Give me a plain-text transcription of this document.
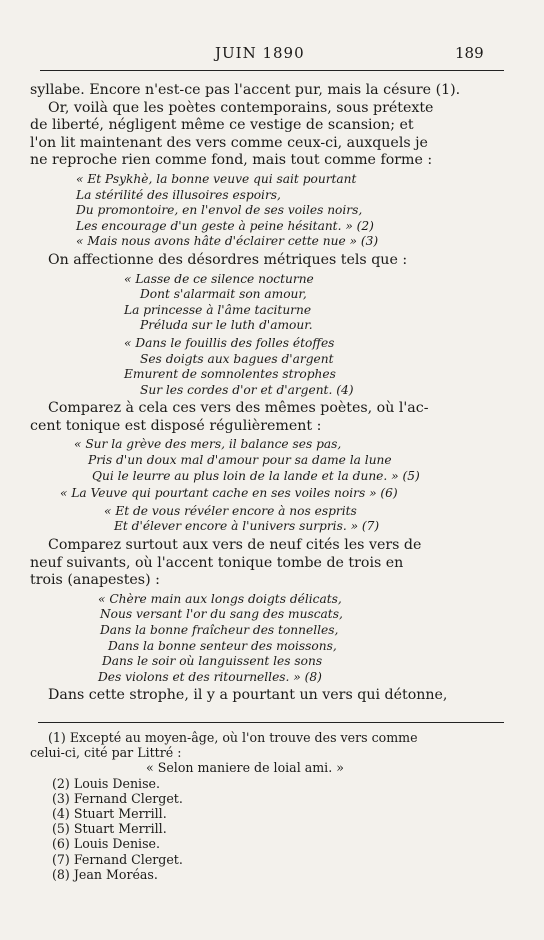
JUIN 1890	189

syllabe. Encore n'est-ce pas l'accent pur, mais la césure (1).

Or, voilà que les poètes contemporains, sous prétexte

de liberté, négligent même ce vestige de scansion; et

l'on lit maintenant des vers comme ceux-ci, auxquels je

ne reproche rien comme fond, mais tout comme forme :

« Et Psykhè, la bonne veuve qui sait pourtant
La stérilité des illusoires espoirs,
Du promontoire, en l'envol de ses voiles noirs,
Les encourage d'un geste à peine hésitant. » (2)
« Mais nous avons hâte d'éclairer cette nue » (3)

On affectionne des désordres métriques tels que :

« Lasse de ce silence nocturne
Dont s'alarmait son amour,
La princesse à l'âme taciturne
Préluda sur le luth d'amour.
« Dans le fouillis des folles étoffes
Ses doigts aux bagues d'argent
Emurent de somnolentes strophes
Sur les cordes d'or et d'argent. (4)

Comparez à cela ces vers des mêmes poètes, où l'ac-

cent tonique est disposé régulièrement :

« Sur la grève des mers, il balance ses pas,
Pris d'un doux mal d'amour pour sa dame la lune
Qui le leurre au plus loin de la lande et la dune. » (5)
« La Veuve qui pourtant cache en ses voiles noirs » (6)
« Et de vous révéler encore à nos esprits
Et d'élever encore à l'univers surpris. » (7)

Comparez surtout aux vers de neuf cités les vers de

neuf suivants, où l'accent tonique tombe de trois en

trois (anapestes) :

« Chère main aux longs doigts délicats,
Nous versant l'or du sang des muscats,
Dans la bonne fraîcheur des tonnelles,
Dans la bonne senteur des moissons,
Dans le soir où languissent les sons
Des violons et des ritournelles. » (8)

Dans cette strophe, il y a pourtant un vers qui détonne,

(1) Excepté au moyen-âge, où l'on trouve des vers comme

celui-ci, cité par Littré :

« Selon maniere de loial ami. »

(2) Louis Denise.

(3) Fernand Clerget.

(4) Stuart Merrill.

(5) Stuart Merrill.

(6) Louis Denise.

(7) Fernand Clerget.

(8) Jean Moréas.
